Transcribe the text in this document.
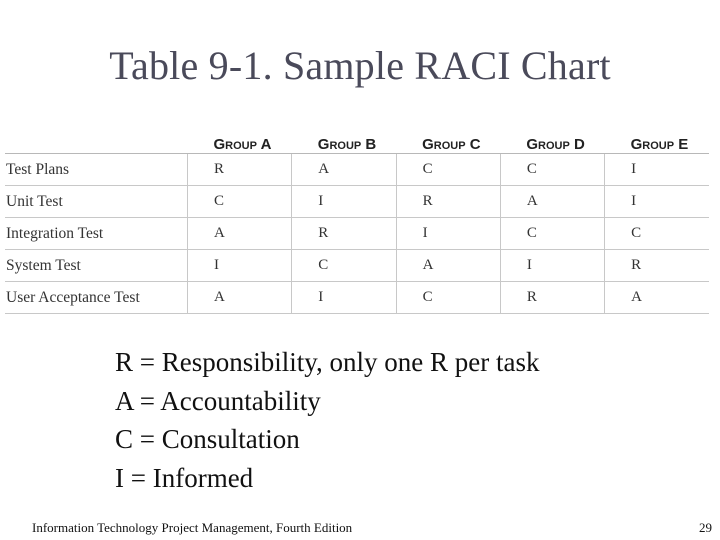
Table 9-1. Sample RACI Chart
	Group A	Group B	Group C	Group D	Group E
Test Plans	R	A	C	C	I
Unit Test	C	I	R	A	I
Integration Test	A	R	I	C	C
System Test	I	C	A	I	R
User Acceptance Test	A	I	C	R	A
R = Responsibility, only one R per task
A = Accountability
C = Consultation
I = Informed
Information Technology Project Management, Fourth Edition	29
